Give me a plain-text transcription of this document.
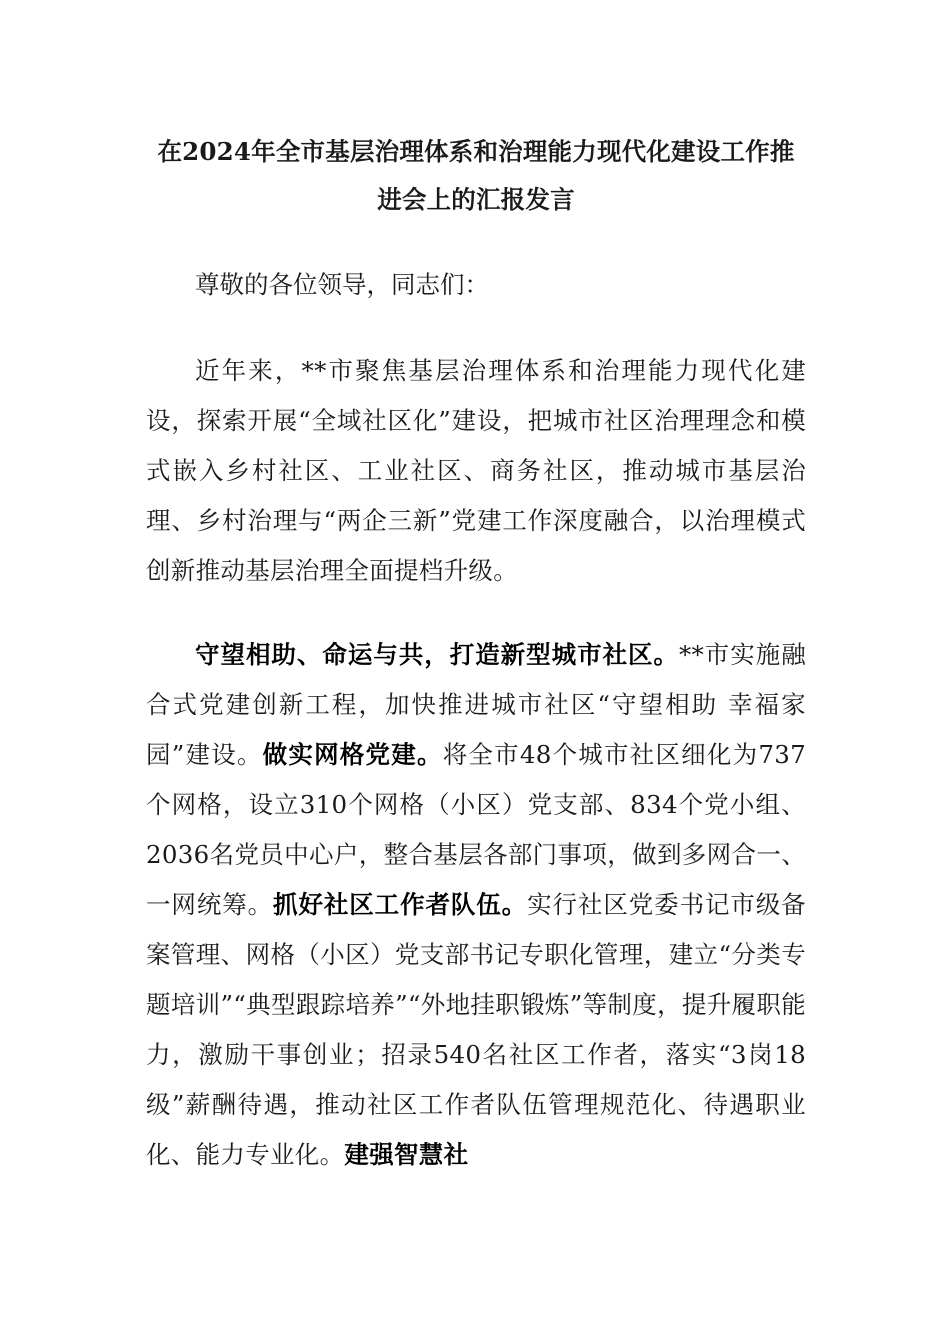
在2024年全市基层治理体系和治理能力现代化建设工作推进会上的汇报发言

尊敬的各位领导，同志们：

近年来，**市聚焦基层治理体系和治理能力现代化建设，探索开展“全域社区化”建设，把城市社区治理理念和模式嵌入乡村社区、工业社区、商务社区，推动城市基层治理、乡村治理与“两企三新”党建工作深度融合，以治理模式创新推动基层治理全面提档升级。

守望相助、命运与共，打造新型城市社区。**市实施融合式党建创新工程，加快推进城市社区“守望相助 幸福家园”建设。做实网格党建。将全市48个城市社区细化为737个网格，设立310个网格（小区）党支部、834个党小组、2036名党员中心户，整合基层各部门事项，做到多网合一、一网统筹。抓好社区工作者队伍。实行社区党委书记市级备案管理、网格（小区）党支部书记专职化管理，建立“分类专题培训”“典型跟踪培养”“外地挂职锻炼”等制度，提升履职能力，激励干事创业；招录540名社区工作者，落实“3岗18级”薪酬待遇，推动社区工作者队伍管理规范化、待遇职业化、能力专业化。建强智慧社
